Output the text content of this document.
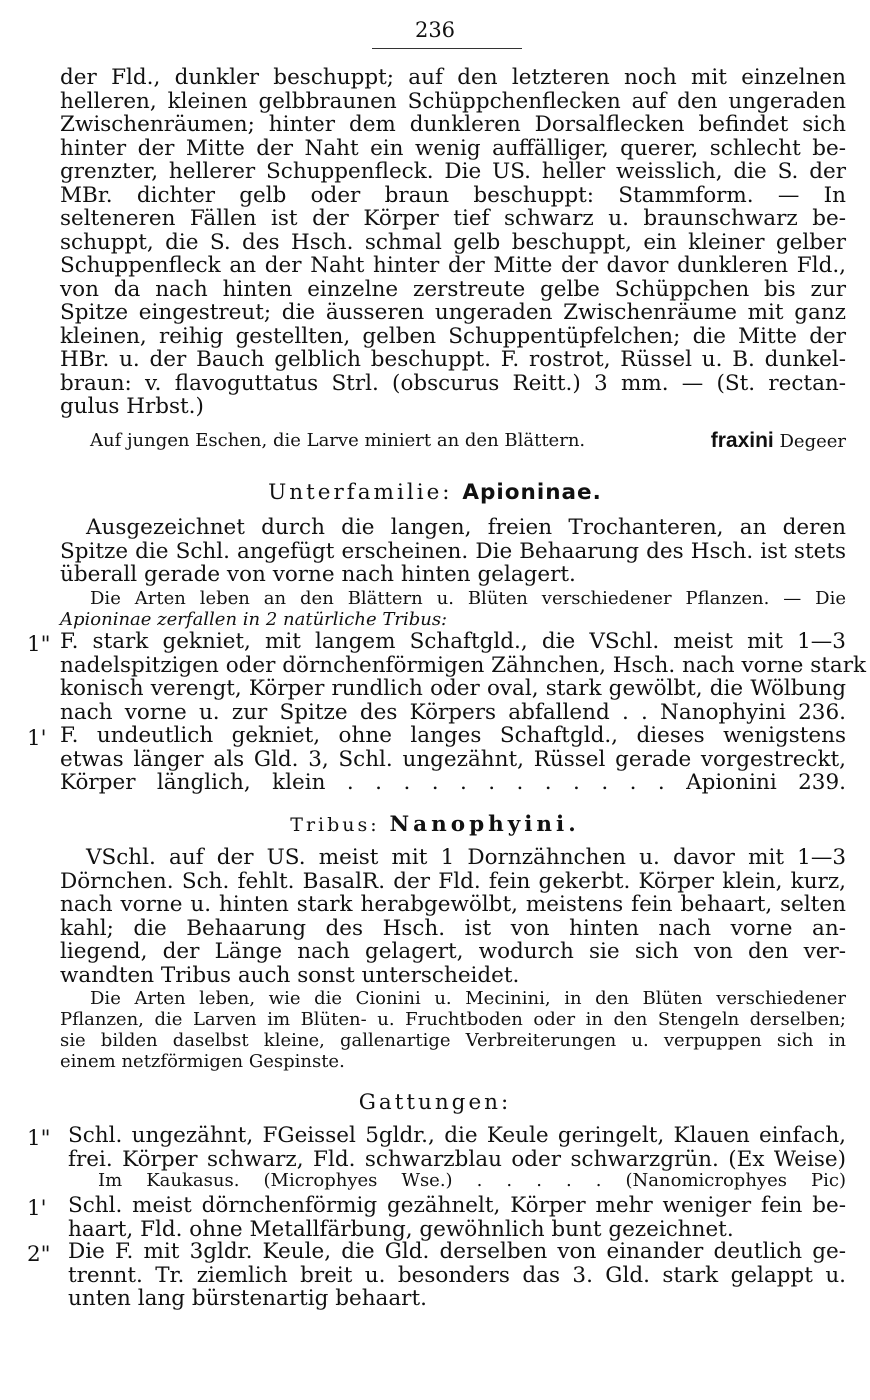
236
der Fld., dunkler beschuppt; auf den letzteren noch mit einzelnen
helleren, kleinen gelbbraunen Schüppchenflecken auf den ungeraden
Zwischenräumen; hinter dem dunkleren Dorsalflecken befindet sich
hinter der Mitte der Naht ein wenig auffälliger, querer, schlecht be-
grenzter, hellerer Schuppenfleck. Die US. heller weisslich, die S. der
MBr. dichter gelb oder braun beschuppt: Stammform. — In
selteneren Fällen ist der Körper tief schwarz u. braunschwarz be-
schuppt, die S. des Hsch. schmal gelb beschuppt, ein kleiner gelber
Schuppenfleck an der Naht hinter der Mitte der davor dunkleren Fld.,
von da nach hinten einzelne zerstreute gelbe Schüppchen bis zur
Spitze eingestreut; die äusseren ungeraden Zwischenräume mit ganz
kleinen, reihig gestellten, gelben Schuppentüpfelchen; die Mitte der
HBr. u. der Bauch gelblich beschuppt. F. rostrot, Rüssel u. B. dunkel-
braun: v. flavoguttatus Strl. (obscurus Reitt.) 3 mm. — (St. rectan-
gulus Hrbst.)
Auf jungen Eschen, die Larve miniert an den Blättern.	fraxini Degeer
Unterfamilie: Apioninae.
Ausgezeichnet durch die langen, freien Trochanteren, an deren
Spitze die Schl. angefügt erscheinen. Die Behaarung des Hsch. ist stets
überall gerade von vorne nach hinten gelagert.
Die Arten leben an den Blättern u. Blüten verschiedener Pflanzen. — Die
Apioninae zerfallen in 2 natürliche Tribus:
1" F. stark gekniet, mit langem Schaftgld., die VSchl. meist mit 1—3
nadelspitzigen oder dörnchenförmigen Zähnchen, Hsch. nach vorne stark
konisch verengt, Körper rundlich oder oval, stark gewölbt, die Wölbung
nach vorne u. zur Spitze des Körpers abfallend . . Nanophyini 236.
1' F. undeutlich gekniet, ohne langes Schaftgld., dieses wenigstens
etwas länger als Gld. 3, Schl. ungezähnt, Rüssel gerade vorgestreckt,
Körper länglich, klein . . . . . . . . . . . . Apionini 239.
Tribus: Nanophyini.
VSchl. auf der US. meist mit 1 Dornzähnchen u. davor mit 1—3
Dörnchen. Sch. fehlt. BasalR. der Fld. fein gekerbt. Körper klein, kurz,
nach vorne u. hinten stark herabgewölbt, meistens fein behaart, selten
kahl; die Behaarung des Hsch. ist von hinten nach vorne an-
liegend, der Länge nach gelagert, wodurch sie sich von den ver-
wandten Tribus auch sonst unterscheidet.
Die Arten leben, wie die Cionini u. Mecinini, in den Blüten verschiedener
Pflanzen, die Larven im Blüten- u. Fruchtboden oder in den Stengeln derselben;
sie bilden daselbst kleine, gallenartige Verbreiterungen u. verpuppen sich in
einem netzförmigen Gespinste.
Gattungen:
1" Schl. ungezähnt, FGeissel 5gldr., die Keule geringelt, Klauen einfach,
frei. Körper schwarz, Fld. schwarzblau oder schwarzgrün. (Ex Weise)
Im Kaukasus. (Microphyes Wse.) . . . . . (Nanomicrophyes Pic)
1' Schl. meist dörnchenförmig gezähnelt, Körper mehr weniger fein be-
haart, Fld. ohne Metallfärbung, gewöhnlich bunt gezeichnet.
2" Die F. mit 3gldr. Keule, die Gld. derselben von einander deutlich ge-
trennt. Tr. ziemlich breit u. besonders das 3. Gld. stark gelappt u.
unten lang bürstenartig behaart.
